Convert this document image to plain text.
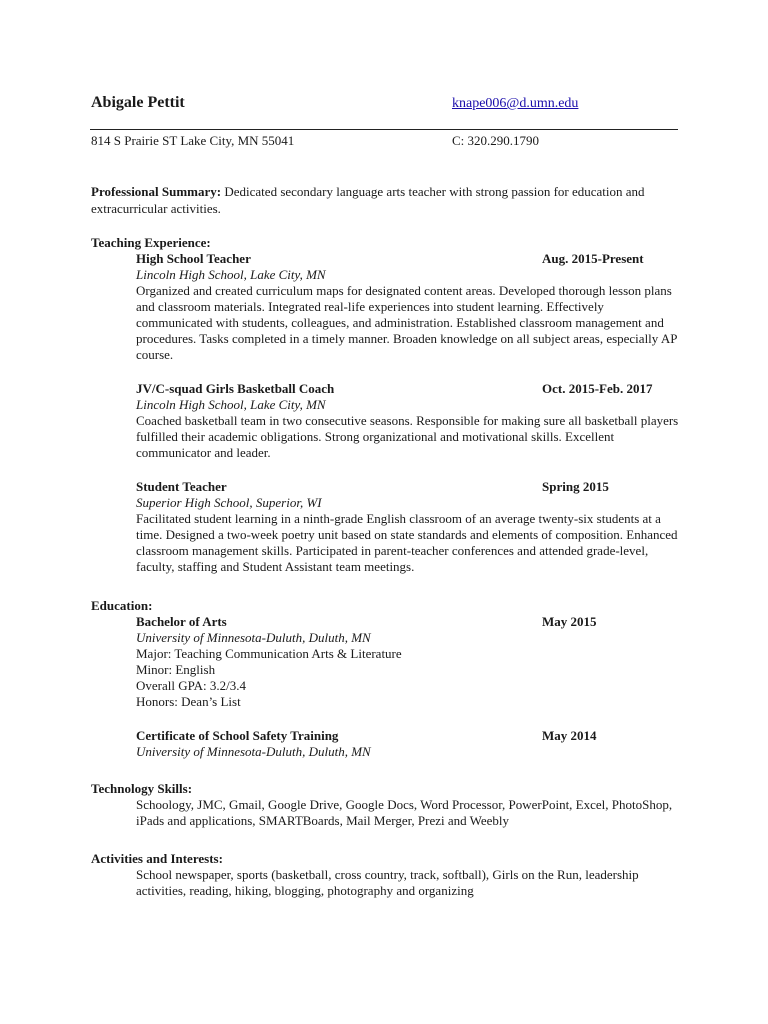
Abigale Pettit	knape006@d.umn.edu
814 S Prairie ST Lake City, MN 55041	C: 320.290.1790
Professional Summary: Dedicated secondary language arts teacher with strong passion for education and extracurricular activities.
Teaching Experience:
High School Teacher	Aug. 2015-Present
Lincoln High School, Lake City, MN
Organized and created curriculum maps for designated content areas. Developed thorough lesson plans and classroom materials. Integrated real-life experiences into student learning. Effectively communicated with students, colleagues, and administration. Established classroom management and procedures. Tasks completed in a timely manner. Broaden knowledge on all subject areas, especially AP course.
JV/C-squad Girls Basketball Coach	Oct. 2015-Feb. 2017
Lincoln High School, Lake City, MN
Coached basketball team in two consecutive seasons. Responsible for making sure all basketball players fulfilled their academic obligations. Strong organizational and motivational skills. Excellent communicator and leader.
Student Teacher	Spring 2015
Superior High School, Superior, WI
Facilitated student learning in a ninth-grade English classroom of an average twenty-six students at a time. Designed a two-week poetry unit based on state standards and elements of composition. Enhanced classroom management skills. Participated in parent-teacher conferences and attended grade-level, faculty, staffing and Student Assistant team meetings.
Education:
Bachelor of Arts	May 2015
University of Minnesota-Duluth, Duluth, MN
Major: Teaching Communication Arts & Literature
Minor: English
Overall GPA: 3.2/3.4
Honors: Dean’s List
Certificate of School Safety Training	May 2014
University of Minnesota-Duluth, Duluth, MN
Technology Skills:
Schoology, JMC, Gmail, Google Drive, Google Docs, Word Processor, PowerPoint, Excel, PhotoShop, iPads and applications, SMARTBoards, Mail Merger, Prezi and Weebly
Activities and Interests:
School newspaper, sports (basketball, cross country, track, softball), Girls on the Run, leadership activities, reading, hiking, blogging, photography and organizing
